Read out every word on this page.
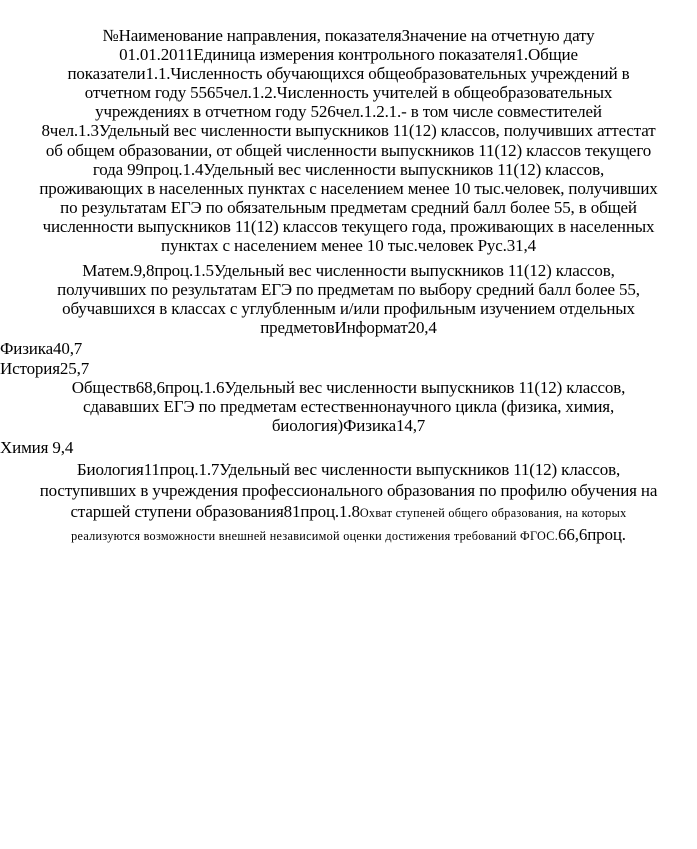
№Наименование направления, показателяЗначение на отчетную дату
01.01.2011Единица измерения контрольного показателя1.Общие
показатели1.1.Численность обучающихся общеобразовательных учреждений в
отчетном году 5565чел.1.2.Численность учителей в общеобразовательных
учреждениях в отчетном году 526чел.1.2.1.- в том числе совместителей
8чел.1.3Удельный вес численности выпускников 11(12) классов, получивших аттестат
об общем образовании, от общей численности выпускников 11(12) классов текущего
года 99проц.1.4Удельный вес численности выпускников 11(12) классов,
проживающих в населенных пунктах с населением менее 10 тыс.человек, получивших
по результатам ЕГЭ по обязательным предметам средний балл более 55, в общей
численности выпускников 11(12) классов текущего года, проживающих в населенных
пунктах с населением менее 10 тыс.человек Рус.31,4
Матем.9,8проц.1.5Удельный вес численности выпускников 11(12) классов,
получивших по результатам ЕГЭ по предметам по выбору средний балл более 55,
обучавшихся в классах с углубленным и/или профильным изучением отдельных
предметовИнформат20,4
Физика40,7
История25,7
Обществ68,6проц.1.6Удельный вес численности выпускников 11(12) классов,
сдававших ЕГЭ по предметам естественнонаучного цикла (физика, химия,
биология)Физика14,7
Химия 9,4
Биология11проц.1.7Удельный вес численности выпускников 11(12) классов,
поступивших в учреждения профессионального образования по профилю обучения на
старшей ступени образования81проц.1.8Охват ступеней общего образования, на которых
реализуются возможности внешней независимой оценки достижения требований ФГОС.66,6проц.
